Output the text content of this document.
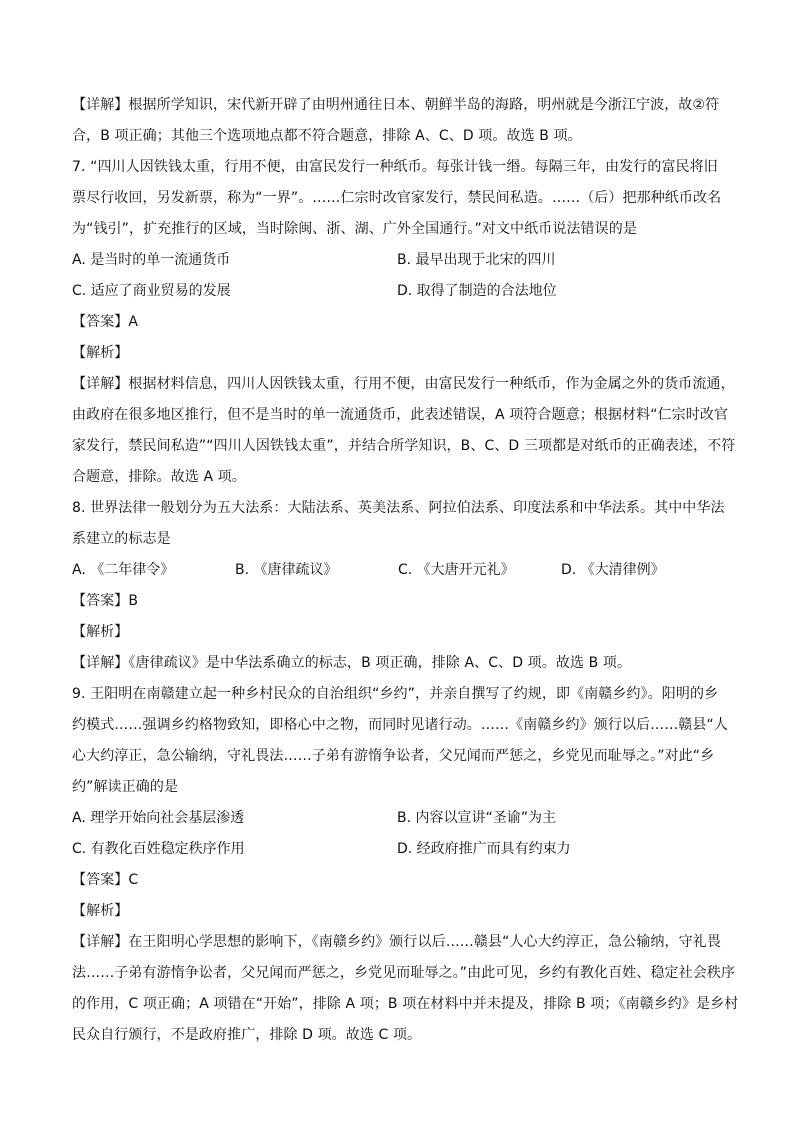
【详解】根据所学知识，宋代新开辟了由明州通往日本、朝鲜半岛的海路，明州就是今浙江宁波，故②符
合，B 项正确；其他三个选项地点都不符合题意，排除 A、C、D 项。故选 B 项。
7. “四川人因铁钱太重，行用不便，由富民发行一种纸币。每张计钱一缗。每隔三年，由发行的富民将旧
票尽行收回，另发新票，称为“一界”。……仁宗时改官家发行，禁民间私造。……（后）把那种纸币改名
为“钱引”，扩充推行的区域，当时除闽、浙、湖、广外全国通行。”对文中纸币说法错误的是
A. 是当时的单一流通货币	B. 最早出现于北宋的四川
C. 适应了商业贸易的发展	D. 取得了制造的合法地位
【答案】A
【解析】
【详解】根据材料信息，四川人因铁钱太重，行用不便，由富民发行一种纸币，作为金属之外的货币流通，
由政府在很多地区推行，但不是当时的单一流通货币，此表述错误，A 项符合题意；根据材料“仁宗时改官
家发行，禁民间私造”“四川人因铁钱太重”，并结合所学知识，B、C、D 三项都是对纸币的正确表述，不符
合题意，排除。故选 A 项。
8. 世界法律一般划分为五大法系：大陆法系、英美法系、阿拉伯法系、印度法系和中华法系。其中中华法
系建立的标志是
A. 《二年律令》	B. 《唐律疏议》	C. 《大唐开元礼》	D. 《大清律例》
【答案】B
【解析】
【详解】《唐律疏议》是中华法系确立的标志，B 项正确，排除 A、C、D 项。故选 B 项。
9. 王阳明在南赣建立起一种乡村民众的自治组织“乡约”，并亲自撰写了约规，即《南赣乡约》。阳明的乡
约模式……强调乡约格物致知，即格心中之物，而同时见诸行动。……《南赣乡约》颁行以后……赣县“人
心大约淳正，急公输纳，守礼畏法……子弟有游惰争讼者，父兄闻而严惩之，乡党见而耻辱之。”对此“乡
约”解读正确的是
A. 理学开始向社会基层渗透	B. 内容以宣讲“圣谕”为主
C. 有教化百姓稳定秩序作用	D. 经政府推广而具有约束力
【答案】C
【解析】
【详解】在王阳明心学思想的影响下，《南赣乡约》颁行以后……赣县“人心大约淳正，急公输纳，守礼畏
法……子弟有游惰争讼者，父兄闻而严惩之，乡党见而耻辱之。”由此可见，乡约有教化百姓、稳定社会秩序
的作用，C 项正确；A 项错在“开始”，排除 A 项；B 项在材料中并未提及，排除 B 项；《南赣乡约》是乡村
民众自行颁行，不是政府推广，排除 D 项。故选 C 项。
